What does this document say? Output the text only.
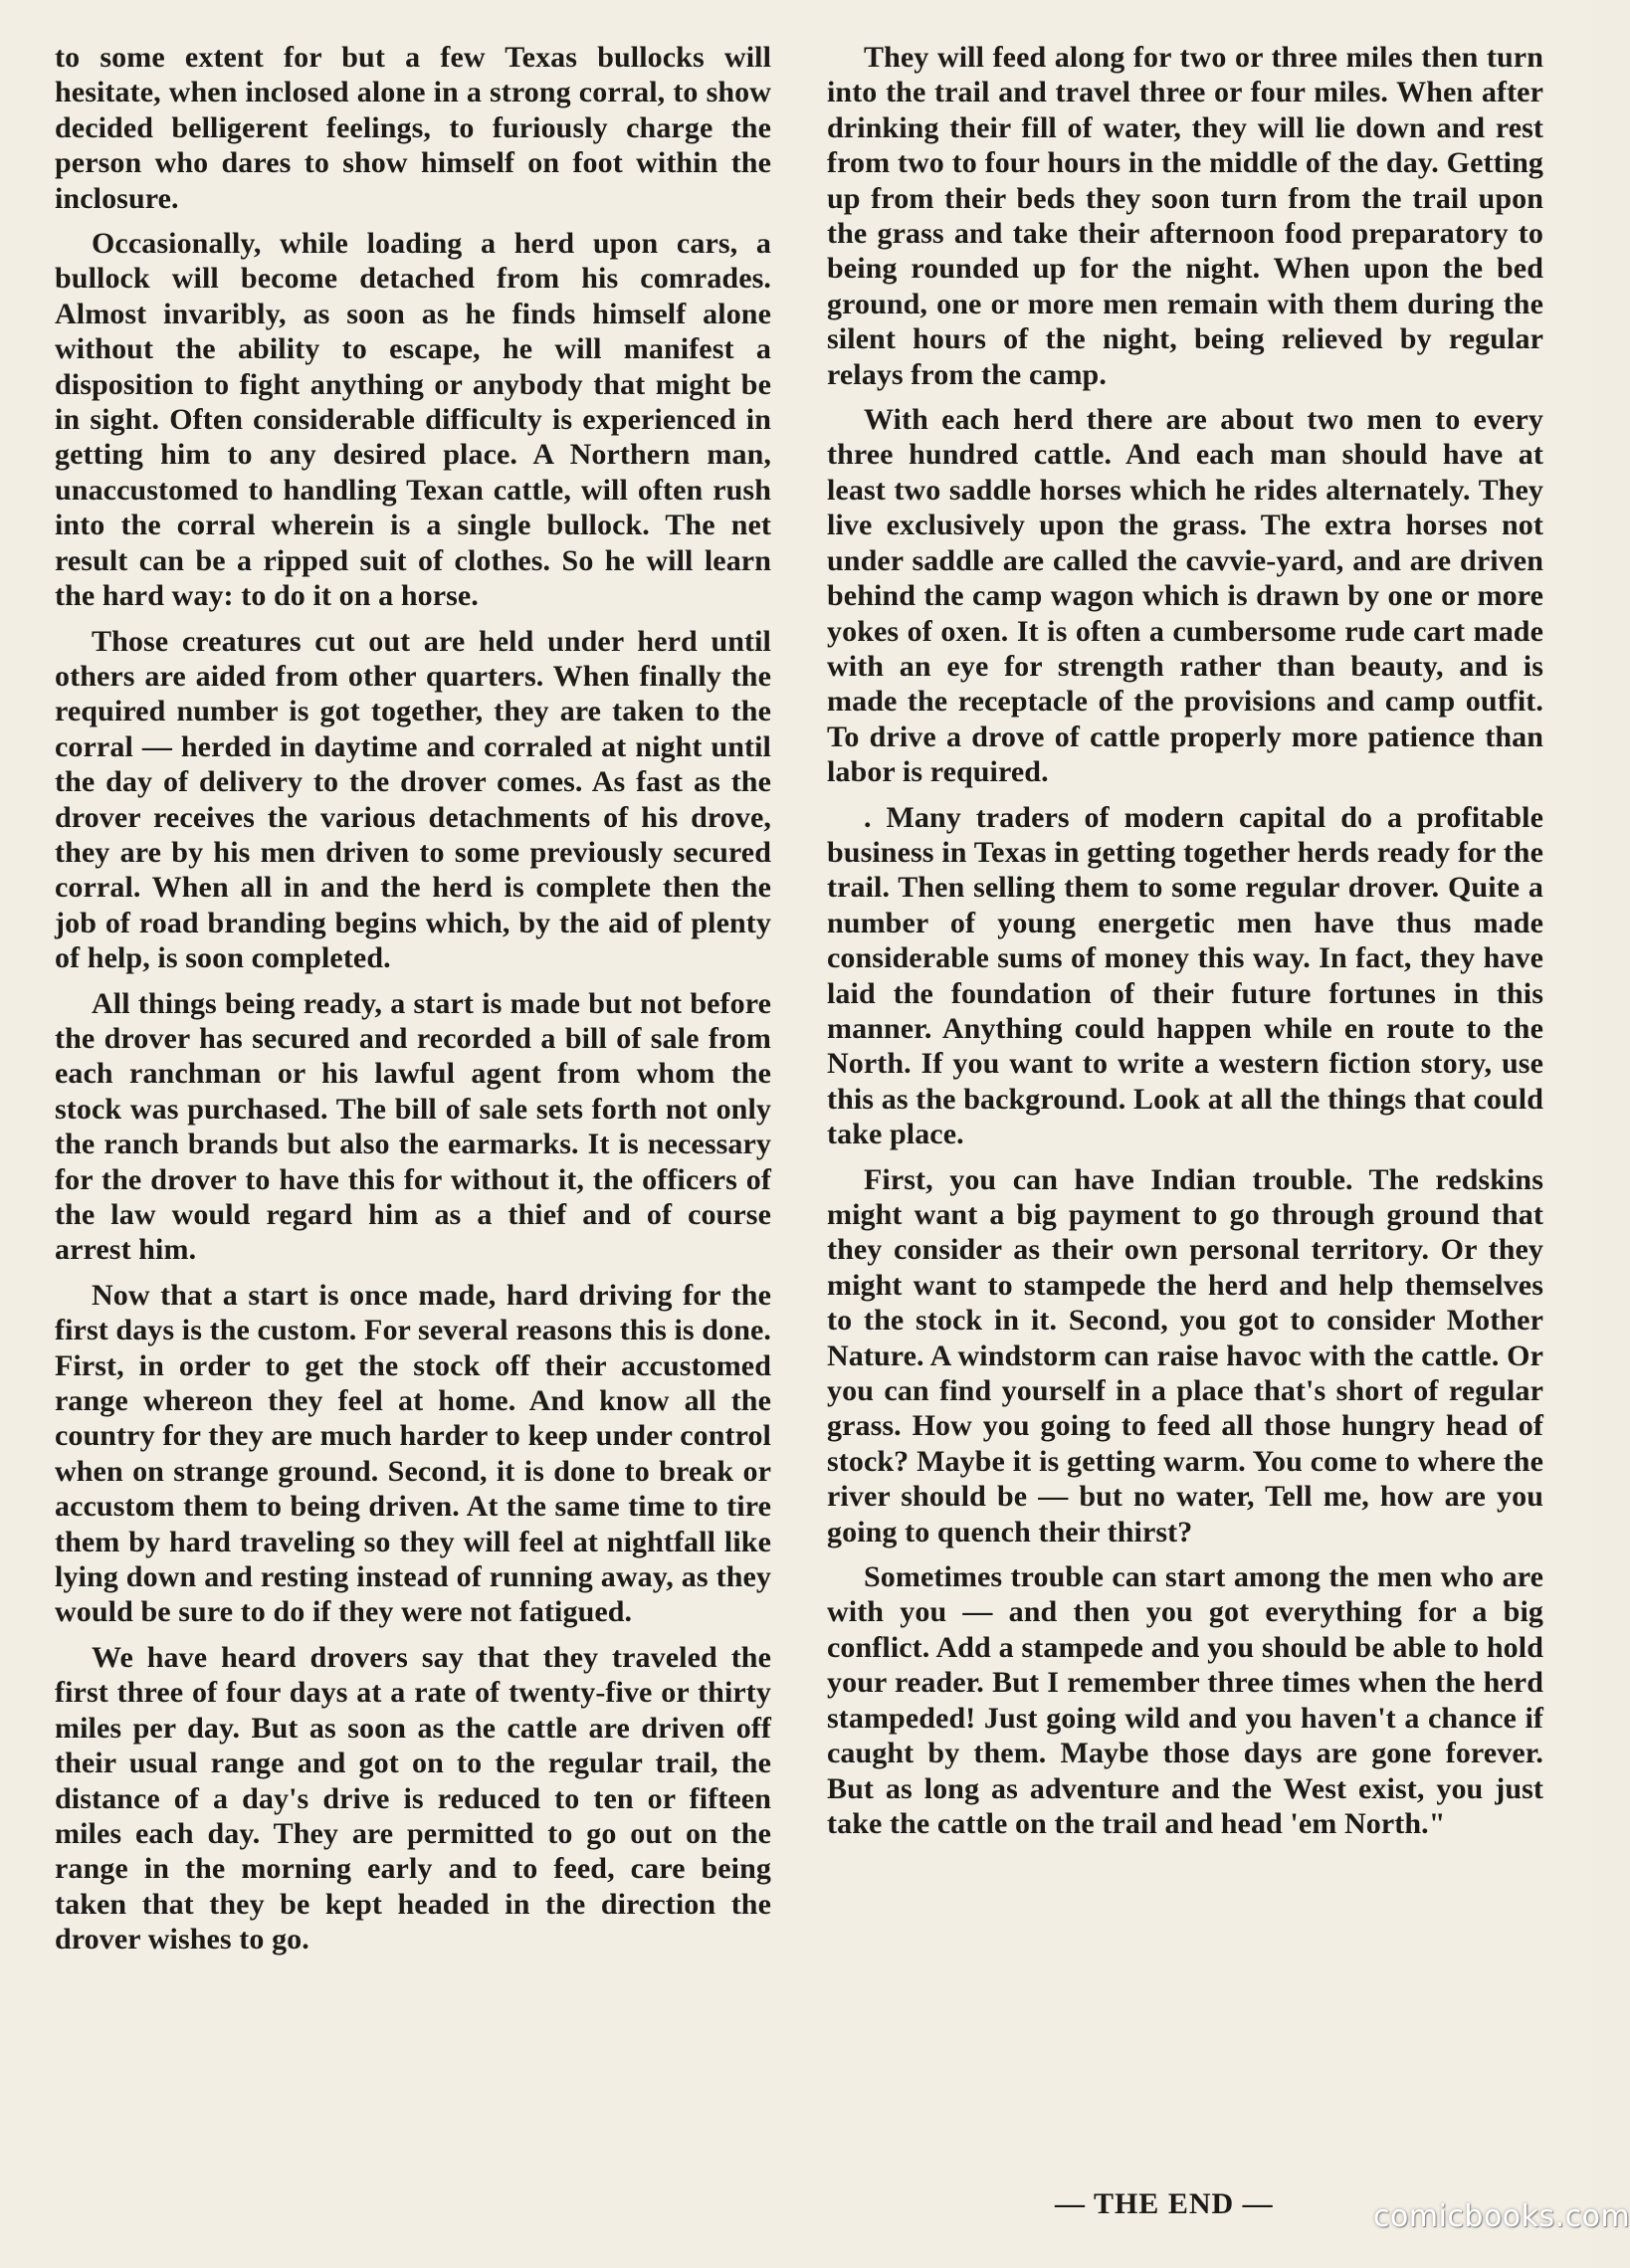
to some extent for but a few Texas bullocks will hesitate, when inclosed alone in a strong corral, to show decided belligerent feelings, to furiously charge the person who dares to show himself on foot within the inclosure.

Occasionally, while loading a herd upon cars, a bullock will become detached from his comrades. Almost invaribly, as soon as he finds himself alone without the ability to escape, he will manifest a disposition to fight anything or anybody that might be in sight. Often considerable difficulty is experienced in getting him to any desired place. A Northern man, unaccustomed to handling Texan cattle, will often rush into the corral wherein is a single bullock. The net result can be a ripped suit of clothes. So he will learn the hard way: to do it on a horse.

Those creatures cut out are held under herd until others are aided from other quarters. When finally the required number is got together, they are taken to the corral — herded in daytime and corraled at night until the day of delivery to the drover comes. As fast as the drover receives the various detachments of his drove, they are by his men driven to some previously secured corral. When all in and the herd is complete then the job of road branding begins which, by the aid of plenty of help, is soon completed.

All things being ready, a start is made but not before the drover has secured and recorded a bill of sale from each ranchman or his lawful agent from whom the stock was purchased. The bill of sale sets forth not only the ranch brands but also the earmarks. It is necessary for the drover to have this for without it, the officers of the law would regard him as a thief and of course arrest him.

Now that a start is once made, hard driving for the first days is the custom. For several reasons this is done. First, in order to get the stock off their accustomed range whereon they feel at home. And know all the country for they are much harder to keep under control when on strange ground. Second, it is done to break or accustom them to being driven. At the same time to tire them by hard traveling so they will feel at nightfall like lying down and resting instead of running away, as they would be sure to do if they were not fatigued.

We have heard drovers say that they traveled the first three of four days at a rate of twenty-five or thirty miles per day. But as soon as the cattle are driven off their usual range and got on to the regular trail, the distance of a day's drive is reduced to ten or fifteen miles each day. They are permitted to go out on the range in the morning early and to feed, care being taken that they be kept headed in the direction the drover wishes to go.

They will feed along for two or three miles then turn into the trail and travel three or four miles. When after drinking their fill of water, they will lie down and rest from two to four hours in the middle of the day. Getting up from their beds they soon turn from the trail upon the grass and take their afternoon food preparatory to being rounded up for the night. When upon the bed ground, one or more men remain with them during the silent hours of the night, being relieved by regular relays from the camp.

With each herd there are about two men to every three hundred cattle. And each man should have at least two saddle horses which he rides alternately. They live exclusively upon the grass. The extra horses not under saddle are called the cavvie-yard, and are driven behind the camp wagon which is drawn by one or more yokes of oxen. It is often a cumbersome rude cart made with an eye for strength rather than beauty, and is made the receptacle of the provisions and camp outfit. To drive a drove of cattle properly more patience than labor is required.

. Many traders of modern capital do a profitable business in Texas in getting together herds ready for the trail. Then selling them to some regular drover. Quite a number of young energetic men have thus made considerable sums of money this way. In fact, they have laid the foundation of their future fortunes in this manner. Anything could happen while en route to the North. If you want to write a western fiction story, use this as the background. Look at all the things that could take place.

First, you can have Indian trouble. The redskins might want a big payment to go through ground that they consider as their own personal territory. Or they might want to stampede the herd and help themselves to the stock in it. Second, you got to consider Mother Nature. A windstorm can raise havoc with the cattle. Or you can find yourself in a place that's short of regular grass. How you going to feed all those hungry head of stock? Maybe it is getting warm. You come to where the river should be — but no water, Tell me, how are you going to quench their thirst?

Sometimes trouble can start among the men who are with you — and then you got everything for a big conflict. Add a stampede and you should be able to hold your reader. But I remember three times when the herd stampeded! Just going wild and you haven't a chance if caught by them. Maybe those days are gone forever. But as long as adventure and the West exist, you just take the cattle on the trail and head 'em North."

— THE END —	comicbooks.com
